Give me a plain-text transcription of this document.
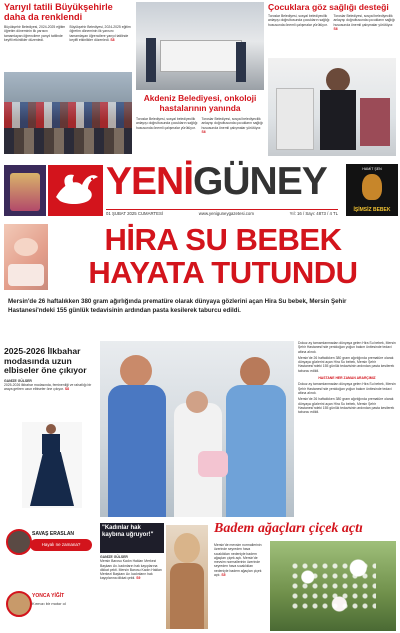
Yarıyıl tatili Büyükşehirle daha da renklendi
Büyükşehir Belediyesi, 2024-2025 eğitim öğretim döneminin ilk yarısını tamamlayan öğrencilere yarıyıl tatilinde keyifli etkinlikler düzenledi.
Büyükşehir Belediyesi, 2024-2025 eğitim öğretim döneminin ilk yarısını tamamlayan öğrencilere yarıyıl tatilinde keyifli etkinlikler düzenledi. S8
Akdeniz Belediyesi, onkoloji hastalarının yanında
Toroslar Belediyesi, sosyal belediyecilik anlayışı doğrultusunda çocukların sağlığı hususunda önemli çalışmalar yürütüyor.
Toroslar Belediyesi, sosyal belediyecilik anlayışı doğrultusunda çocukların sağlığı hususunda önemli çalışmalar yürütüyor. S6
Çocuklara göz sağlığı desteği
Toroslar Belediyesi, sosyal belediyecilik anlayışı doğrultusunda çocukların sağlığı hususunda önemli çalışmalar yürütüyor.
Toroslar Belediyesi, sosyal belediyecilik anlayışı doğrultusunda çocukların sağlığı hususunda önemli çalışmalar yürütüyor. S6
YENİGÜNEY
01 ŞUBAT 2025 CUMARTESİ	www.yeniguneygazetesi.com	Yıl: 16 / Sayı: 4873 / 4 TL
HAMİT ŞEN
İŞİMSİZ BEBEK
HİRA SU BEBEK
HAYATA TUTUNDU
Mersin'de 26 haftalıkken 380 gram ağırlığında prematüre olarak dünyaya gözlerini açan Hira Su bebek, Mersin Şehir Hastanesi'ndeki 155 günlük tedavisinin ardından pasta kesilerek taburcu edildi.
2025-2026 İlkbahar modasında uzun elbiseler öne çıkıyor
GANİZE GÜLSER
2025-2026 ilkbahar modasında, feminenliği ve rahatlığı bir araya getiren uzun elbiseler öne çıkıyor. S8

Dokuz ay tamamlanmadan dünyaya gelen Hira Su bebek, Mersin Şehir Hastanesi'nde yenidoğan yoğun bakım ünitesinde tedavi altına alındı.

Mersin'de 26 haftalıkken 380 gram ağırlığında prematüre olarak dünyaya gözlerini açan Hira Su bebek, Mersin Şehir Hastanesi'ndeki 155 günlük tedavisinin ardından pasta kesilerek taburcu edildi.

HASTANE HER ZAMAN ARARÇIMIZ

Dokuz ay tamamlanmadan dünyaya gelen Hira Su bebek, Mersin Şehir Hastanesi'nde yenidoğan yoğun bakım ünitesinde tedavi altına alındı.

Mersin'de 26 haftalıkken 380 gram ağırlığında prematüre olarak dünyaya gözlerini açan Hira Su bebek, Mersin Şehir Hastanesi'ndeki 155 günlük tedavisinin ardından pasta kesilerek taburcu edildi.

SAVAŞ ERASLAN
Hayalı ne zamana?
YONCA YİĞİT
Kırmızı bir motor ol
"Kadınlar hak kaybına uğruyor!"
GANİZE GÜLSER
Mersin Barosu Kadın Hakları Merkezi Başkanı Av. kadınların hak kayıplarına dikkat çekti. Mersin Barosu Kadın Hakları Merkezi Başkanı Av. kadınların hak kayıplarına dikkat çekti. S9
Badem ağaçları çiçek açtı
Mersin'de mevsim normallerinin üzerinde seyreden hava sıcaklıkları nedeniyle badem ağaçları çiçek açtı. Mersin'de mevsim normallerinin üzerinde seyreden hava sıcaklıkları nedeniyle badem ağaçları çiçek açtı. S5
